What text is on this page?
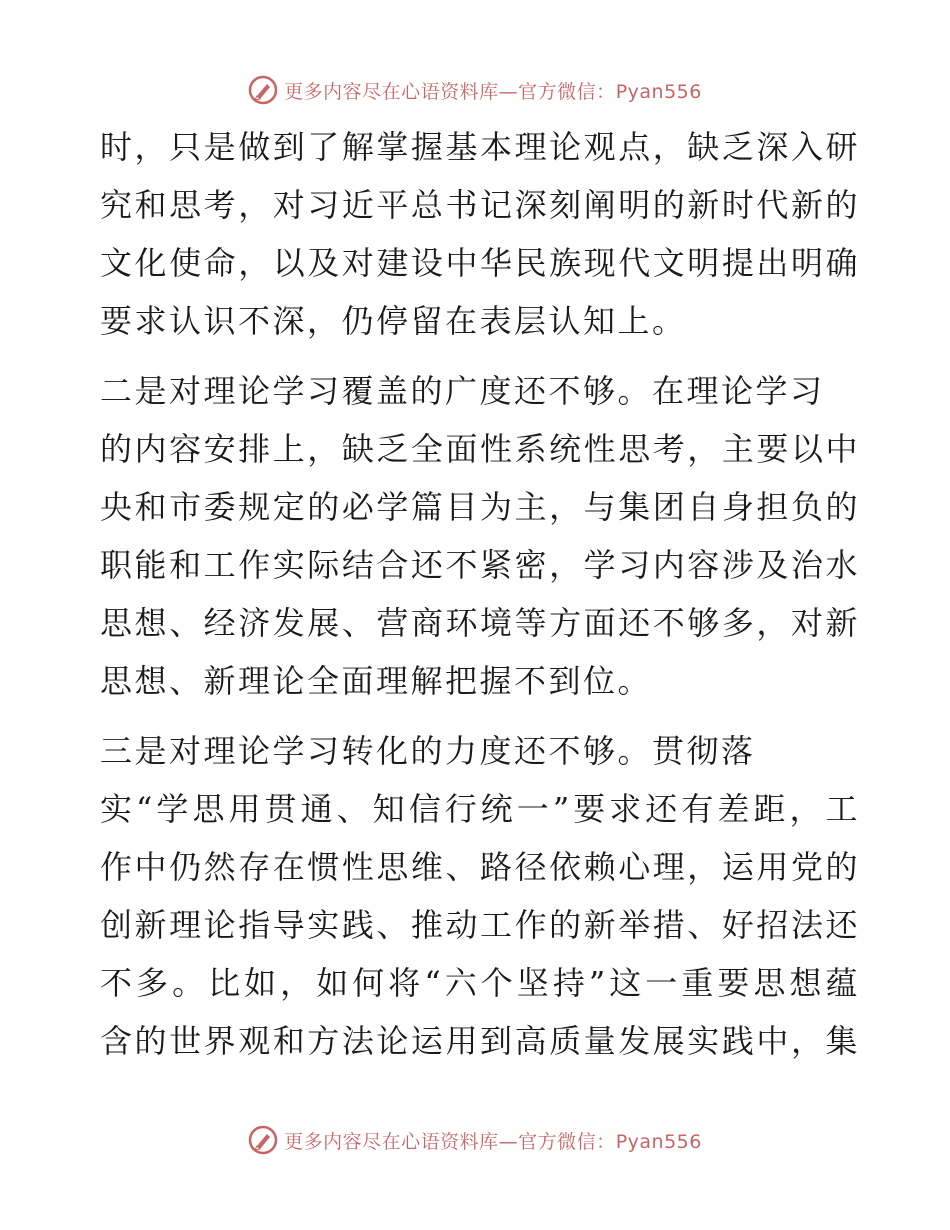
更多内容尽在心语资料库—官方微信：Pyan556

时，只是做到了解掌握基本理论观点，缺乏深入研
究和思考，对习近平总书记深刻阐明的新时代新的
文化使命，以及对建设中华民族现代文明提出明确
要求认识不深，仍停留在表层认知上。

二是对理论学习覆盖的广度还不够。在理论学习
的内容安排上，缺乏全面性系统性思考，主要以中
央和市委规定的必学篇目为主，与集团自身担负的
职能和工作实际结合还不紧密，学习内容涉及治水
思想、经济发展、营商环境等方面还不够多，对新
思想、新理论全面理解把握不到位。

三是对理论学习转化的力度还不够。贯彻落
实“学思用贯通、知信行统一”要求还有差距，工
作中仍然存在惯性思维、路径依赖心理，运用党的
创新理论指导实践、推动工作的新举措、好招法还
不多。比如，如何将“六个坚持”这一重要思想蕴
含的世界观和方法论运用到高质量发展实践中，集

更多内容尽在心语资料库—官方微信：Pyan556
